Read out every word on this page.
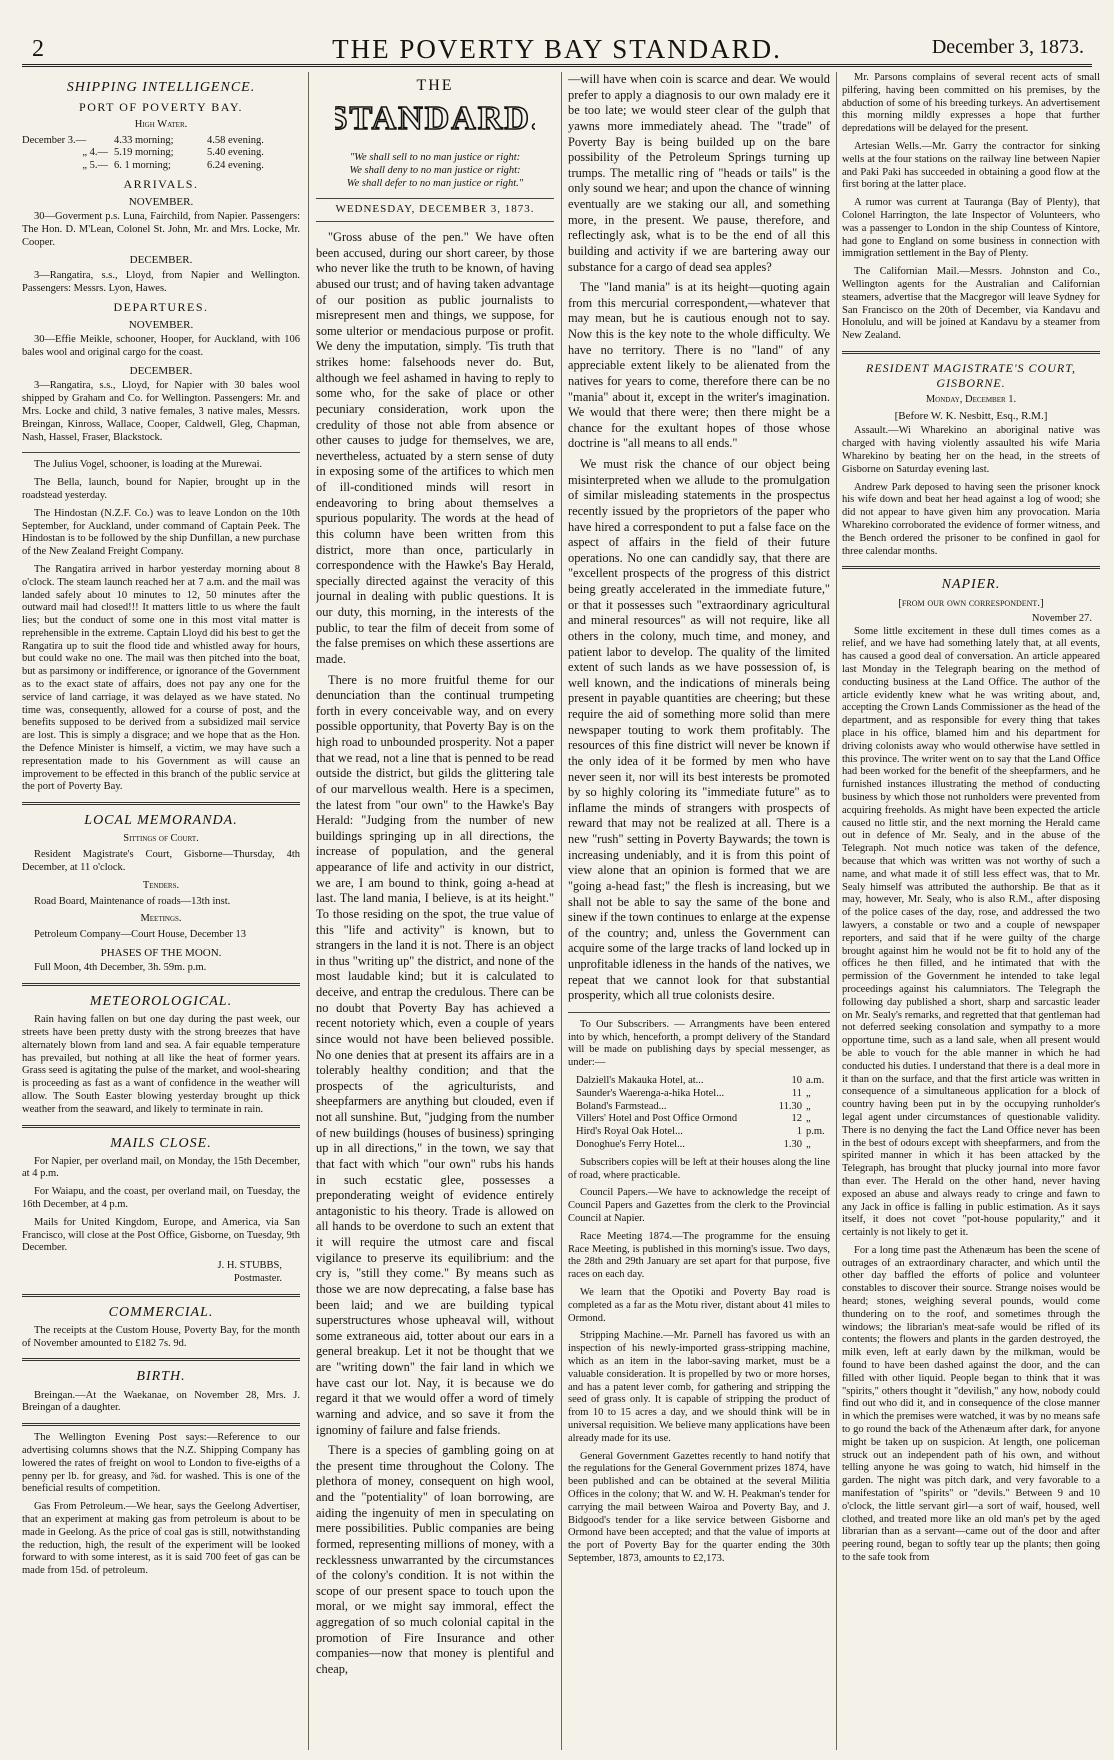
2	THE POVERTY BAY STANDARD.	December 3, 1873.
SHIPPING INTELLIGENCE.
PORT OF POVERTY BAY.
High Water.
December 3.—	4.33 morning;	4.58 evening.
„ 4.— 5.19 morning;	5.40 evening.
„ 5.— 6. 1 morning;	6.24 evening.
ARRIVALS.
NOVEMBER.

30—Goverment p.s. Luna, Fairchild, from Napier. Passengers: The Hon. D. M'Lean, Colonel St. John, Mr. and Mrs. Locke, Mr. Cooper.

DECEMBER.

3—Rangatira, s.s., Lloyd, from Napier and Wellington. Passengers: Messrs. Lyon, Hawes.

DEPARTURES.
NOVEMBER.

30—Effie Meikle, schooner, Hooper, for Auckland, with 106 bales wool and original cargo for the coast.

DECEMBER.

3—Rangatira, s.s., Lloyd, for Napier with 30 bales wool shipped by Graham and Co. for Wellington. Passengers: Mr. and Mrs. Locke and child, 3 native females, 3 native males, Messrs. Breingan, Kinross, Wallace, Cooper, Caldwell, Gleg, Chapman, Nash, Hassel, Fraser, Blackstock.

The Julius Vogel, schooner, is loading at the Murewai.

The Bella, launch, bound for Napier, brought up in the roadstead yesterday.

The Hindostan (N.Z.F. Co.) was to leave London on the 10th September, for Auckland, under command of Captain Peek. The Hindostan is to be followed by the ship Dunfillan, a new purchase of the New Zealand Freight Company.

The Rangatira arrived in harbor yesterday morning about 8 o'clock. The steam launch reached her at 7 a.m. and the mail was landed safely about 10 minutes to 12, 50 minutes after the outward mail had closed!!! It matters little to us where the fault lies; but the conduct of some one in this most vital matter is reprehensible in the extreme. Captain Lloyd did his best to get the Rangatira up to suit the flood tide and whistled away for hours, but could wake no one. The mail was then pitched into the boat, but as parsimony or indifference, or ignorance of the Government as to the exact state of affairs, does not pay any one for the service of land carriage, it was delayed as we have stated. No time was, consequently, allowed for a course of post, and the benefits supposed to be derived from a subsidized mail service are lost. This is simply a disgrace; and we hope that as the Hon. the Defence Minister is himself, a victim, we may have such a representation made to his Government as will cause an improvement to be effected in this branch of the public service at the port of Poverty Bay.

LOCAL MEMORANDA.
Sittings of Court.

Resident Magistrate's Court, Gisborne—Thursday, 4th December, at 11 o'clock.

Tenders.

Road Board, Maintenance of roads—13th inst.

Meetings.

Petroleum Company—Court House, December 13

PHASES OF THE MOON.

Full Moon, 4th December, 3h. 59m. p.m.

METEOROLOGICAL.

Rain having fallen on but one day during the past week, our streets have been pretty dusty with the strong breezes that have alternately blown from land and sea. A fair equable temperature has prevailed, but nothing at all like the heat of former years. Grass seed is agitating the pulse of the market, and wool-shearing is proceeding as fast as a want of confidence in the weather will allow. The South Easter blowing yesterday brought up thick weather from the seaward, and likely to terminate in rain.

MAILS CLOSE.

For Napier, per overland mail, on Monday, the 15th December, at 4 p.m.

For Waiapu, and the coast, per overland mail, on Tuesday, the 16th December, at 4 p.m.

Mails for United Kingdom, Europe, and America, via San Francisco, will close at the Post Office, Gisborne, on Tuesday, 9th December.

J. H. STUBBS,
Postmaster.
COMMERCIAL.

The receipts at the Custom House, Poverty Bay, for the month of November amounted to £182 7s. 9d.

BIRTH.

Breingan.—At the Waekanae, on November 28, Mrs. J. Breingan of a daughter.

The Wellington Evening Post says:—Reference to our advertising columns shows that the N.Z. Shipping Company has lowered the rates of freight on wool to London to five-eigths of a penny per lb. for greasy, and ⅞d. for washed. This is one of the beneficial results of competition.

Gas From Petroleum.—We hear, says the Geelong Advertiser, that an experiment at making gas from petroleum is about to be made in Geelong. As the price of coal gas is still, notwithstanding the reduction, high, the result of the experiment will be looked forward to with some interest, as it is said 700 feet of gas can be made from 15d. of petroleum.

THE
STANDARD.
"We shall sell to no man justice or right:
We shall deny to no man justice or right:
We shall defer to no man justice or right."
WEDNESDAY, DECEMBER 3, 1873.

"Gross abuse of the pen." We have often been accused, during our short career, by those who never like the truth to be known, of having abused our trust; and of having taken advantage of our position as public journalists to misrepresent men and things, we suppose, for some ulterior or mendacious purpose or profit. We deny the imputation, simply. 'Tis truth that strikes home: falsehoods never do. But, although we feel ashamed in having to reply to some who, for the sake of place or other pecuniary consideration, work upon the credulity of those not able from absence or other causes to judge for themselves, we are, nevertheless, actuated by a stern sense of duty in exposing some of the artifices to which men of ill-conditioned minds will resort in endeavoring to bring about themselves a spurious popularity. The words at the head of this column have been written from this district, more than once, particularly in correspondence with the Hawke's Bay Herald, specially directed against the veracity of this journal in dealing with public questions. It is our duty, this morning, in the interests of the public, to tear the film of deceit from some of the false premises on which these assertions are made.

There is no more fruitful theme for our denunciation than the continual trumpeting forth in every conceivable way, and on every possible opportunity, that Poverty Bay is on the high road to unbounded prosperity. Not a paper that we read, not a line that is penned to be read outside the district, but gilds the glittering tale of our marvellous wealth. Here is a specimen, the latest from "our own" to the Hawke's Bay Herald: "Judging from the number of new buildings springing up in all directions, the increase of population, and the general appearance of life and activity in our district, we are, I am bound to think, going a-head at last. The land mania, I believe, is at its height." To those residing on the spot, the true value of this "life and activity" is known, but to strangers in the land it is not. There is an object in thus "writing up" the district, and none of the most laudable kind; but it is calculated to deceive, and entrap the credulous. There can be no doubt that Poverty Bay has achieved a recent notoriety which, even a couple of years since would not have been believed possible. No one denies that at present its affairs are in a tolerably healthy condition; and that the prospects of the agriculturists, and sheepfarmers are anything but clouded, even if not all sunshine. But, "judging from the number of new buildings (houses of business) springing up in all directions," in the town, we say that that fact with which "our own" rubs his hands in such ecstatic glee, possesses a preponderating weight of evidence entirely antagonistic to his theory. Trade is allowed on all hands to be overdone to such an extent that it will require the utmost care and fiscal vigilance to preserve its equilibrium: and the cry is, "still they come." By means such as those we are now deprecating, a false base has been laid; and we are building typical superstructures whose upheaval will, without some extraneous aid, totter about our ears in a general breakup. Let it not be thought that we are "writing down" the fair land in which we have cast our lot. Nay, it is because we do regard it that we would offer a word of timely warning and advice, and so save it from the ignominy of failure and false friends.

There is a species of gambling going on at the present time throughout the Colony. The plethora of money, consequent on high wool, and the "potentiality" of loan borrowing, are aiding the ingenuity of men in speculating on mere possibilities. Public companies are being formed, representing millions of money, with a recklessness unwarranted by the circumstances of the colony's condition. It is not within the scope of our present space to touch upon the moral, or we might say immoral, effect the aggregation of so much colonial capital in the promotion of Fire Insurance and other companies—now that money is plentiful and cheap,

—will have when coin is scarce and dear. We would prefer to apply a diagnosis to our own malady ere it be too late; we would steer clear of the gulph that yawns more immediately ahead. The "trade" of Poverty Bay is being builded up on the bare possibility of the Petroleum Springs turning up trumps. The metallic ring of "heads or tails" is the only sound we hear; and upon the chance of winning eventually are we staking our all, and something more, in the present. We pause, therefore, and reflectingly ask, what is to be the end of all this building and activity if we are bartering away our substance for a cargo of dead sea apples?

The "land mania" is at its height—quoting again from this mercurial correspondent,—whatever that may mean, but he is cautious enough not to say. Now this is the key note to the whole difficulty. We have no territory. There is no "land" of any appreciable extent likely to be alienated from the natives for years to come, therefore there can be no "mania" about it, except in the writer's imagination. We would that there were; then there might be a chance for the exultant hopes of those whose doctrine is "all means to all ends."

We must risk the chance of our object being misinterpreted when we allude to the promulgation of similar misleading statements in the prospectus recently issued by the proprietors of the paper who have hired a correspondent to put a false face on the aspect of affairs in the field of their future operations. No one can candidly say, that there are "excellent prospects of the progress of this district being greatly accelerated in the immediate future," or that it possesses such "extraordinary agricultural and mineral resources" as will not require, like all others in the colony, much time, and money, and patient labor to develop. The quality of the limited extent of such lands as we have possession of, is well known, and the indications of minerals being present in payable quantities are cheering; but these require the aid of something more solid than mere newspaper touting to work them profitably. The resources of this fine district will never be known if the only idea of it be formed by men who have never seen it, nor will its best interests be promoted by so highly coloring its "immediate future" as to inflame the minds of strangers with prospects of reward that may not be realized at all. There is a new "rush" setting in Poverty Baywards; the town is increasing undeniably, and it is from this point of view alone that an opinion is formed that we are "going a-head fast;" the flesh is increasing, but we shall not be able to say the same of the bone and sinew if the town continues to enlarge at the expense of the country; and, unless the Government can acquire some of the large tracks of land locked up in unprofitable idleness in the hands of the natives, we repeat that we cannot look for that substantial prosperity, which all true colonists desire.

To Our Subscribers. — Arrangments have been entered into by which, henceforth, a prompt delivery of the Standard will be made on publishing days by special messenger, as under:—

Dalziell's Makauka Hotel, at...	10 a.m.
Saunder's Waerenga-a-hika Hotel...	11 „
Boland's Farmstead...	11.30 „
Villers' Hotel and Post Office Ormond	12 „
Hird's Royal Oak Hotel...	1 p.m.
Donoghue's Ferry Hotel...	1.30 „

Subscribers copies will be left at their houses along the line of road, where practicable.

Council Papers.—We have to acknowledge the receipt of Council Papers and Gazettes from the clerk to the Provincial Council at Napier.

Race Meeting 1874.—The programme for the ensuing Race Meeting, is published in this morning's issue. Two days, the 28th and 29th January are set apart for that purpose, five races on each day.

We learn that the Opotiki and Poverty Bay road is completed as a far as the Motu river, distant about 41 miles to Ormond.

Stripping Machine.—Mr. Parnell has favored us with an inspection of his newly-imported grass-stripping machine, which as an item in the labor-saving market, must be a valuable consideration. It is propelled by two or more horses, and has a patent lever comb, for gathering and stripping the seed of grass only. It is capable of stripping the product of from 10 to 15 acres a day, and we should think will be in universal requisition. We believe many applications have been already made for its use.

General Government Gazettes recently to hand notify that the regulations for the General Government prizes 1874, have been published and can be obtained at the several Militia Offices in the colony; that W. and W. H. Peakman's tender for carrying the mail between Wairoa and Poverty Bay, and J. Bidgood's tender for a like service between Gisborne and Ormond have been accepted; and that the value of imports at the port of Poverty Bay for the quarter ending the 30th September, 1873, amounts to £2,173.

Mr. Parsons complains of several recent acts of small pilfering, having been committed on his premises, by the abduction of some of his breeding turkeys. An advertisement this morning mildly expresses a hope that further depredations will be delayed for the present.

Artesian Wells.—Mr. Garry the contractor for sinking wells at the four stations on the railway line between Napier and Paki Paki has succeeded in obtaining a good flow at the first boring at the latter place.

A rumor was current at Tauranga (Bay of Plenty), that Colonel Harrington, the late Inspector of Volunteers, who was a passenger to London in the ship Countess of Kintore, had gone to England on some business in connection with immigration settlement in the Bay of Plenty.

The Californian Mail.—Messrs. Johnston and Co., Wellington agents for the Australian and Californian steamers, advertise that the Macgregor will leave Sydney for San Francisco on the 20th of December, via Kandavu and Honolulu, and will be joined at Kandavu by a steamer from New Zealand.

RESIDENT MAGISTRATE'S COURT, GISBORNE.
Monday, December 1.
[Before W. K. Nesbitt, Esq., R.M.]

Assault.—Wi Wharekino an aboriginal native was charged with having violently assaulted his wife Maria Wharekino by beating her on the head, in the streets of Gisborne on Saturday evening last.

Andrew Park deposed to having seen the prisoner knock his wife down and beat her head against a log of wood; she did not appear to have given him any provocation. Maria Wharekino corroborated the evidence of former witness, and the Bench ordered the prisoner to be confined in gaol for three calendar months.

NAPIER.
[from our own correspondent.]
November 27.

Some little excitement in these dull times comes as a relief, and we have had something lately that, at all events, has caused a good deal of conversation. An article appeared last Monday in the Telegraph bearing on the method of conducting business at the Land Office. The author of the article evidently knew what he was writing about, and, accepting the Crown Lands Commissioner as the head of the department, and as responsible for every thing that takes place in his office, blamed him and his department for driving colonists away who would otherwise have settled in this province. The writer went on to say that the Land Office had been worked for the benefit of the sheepfarmers, and he furnished instances illustrating the method of conducting business by which those not runholders were prevented from acquiring freeholds. As might have been expected the article caused no little stir, and the next morning the Herald came out in defence of Mr. Sealy, and in the abuse of the Telegraph. Not much notice was taken of the defence, because that which was written was not worthy of such a name, and what made it of still less effect was, that to Mr. Sealy himself was attributed the authorship. Be that as it may, however, Mr. Sealy, who is also R.M., after disposing of the police cases of the day, rose, and addressed the two lawyers, a constable or two and a couple of newspaper reporters, and said that if he were guilty of the charge brought against him he would not be fit to hold any of the offices he then filled, and he intimated that with the permission of the Government he intended to take legal proceedings against his calumniators. The Telegraph the following day published a short, sharp and sarcastic leader on Mr. Sealy's remarks, and regretted that that gentleman had not deferred seeking consolation and sympathy to a more opportune time, such as a land sale, when all present would be able to vouch for the able manner in which he had conducted his duties. I understand that there is a deal more in it than on the surface, and that the first article was written in consequence of a simultaneous application for a block of country having been put in by the occupying runholder's legal agent under circumstances of questionable validity. There is no denying the fact the Land Office never has been in the best of odours except with sheepfarmers, and from the spirited manner in which it has been attacked by the Telegraph, has brought that plucky journal into more favor than ever. The Herald on the other hand, never having exposed an abuse and always ready to cringe and fawn to any Jack in office is falling in public estimation. As it says itself, it does not covet "pot-house popularity," and it certainly is not likely to get it.

For a long time past the Athenæum has been the scene of outrages of an extraordinary character, and which until the other day baffled the efforts of police and volunteer constables to discover their source. Strange noises would be heard; stones, weighing several pounds, would come thundering on to the roof, and sometimes through the windows; the librarian's meat-safe would be rifled of its contents; the flowers and plants in the garden destroyed, the milk even, left at early dawn by the milkman, would be found to have been dashed against the door, and the can filled with other liquid. People began to think that it was "spirits," others thought it "devilish," any how, nobody could find out who did it, and in consequence of the close manner in which the premises were watched, it was by no means safe to go round the back of the Athenæum after dark, for anyone might be taken up on suspicion. At length, one policeman struck out an independent path of his own, and without telling anyone he was going to watch, hid himself in the garden. The night was pitch dark, and very favorable to a manifestation of "spirits" or "devils." Between 9 and 10 o'clock, the little servant girl—a sort of waif, housed, well clothed, and treated more like an old man's pet by the aged librarian than as a servant—came out of the door and after peering round, began to softly tear up the plants; then going to the safe took from
